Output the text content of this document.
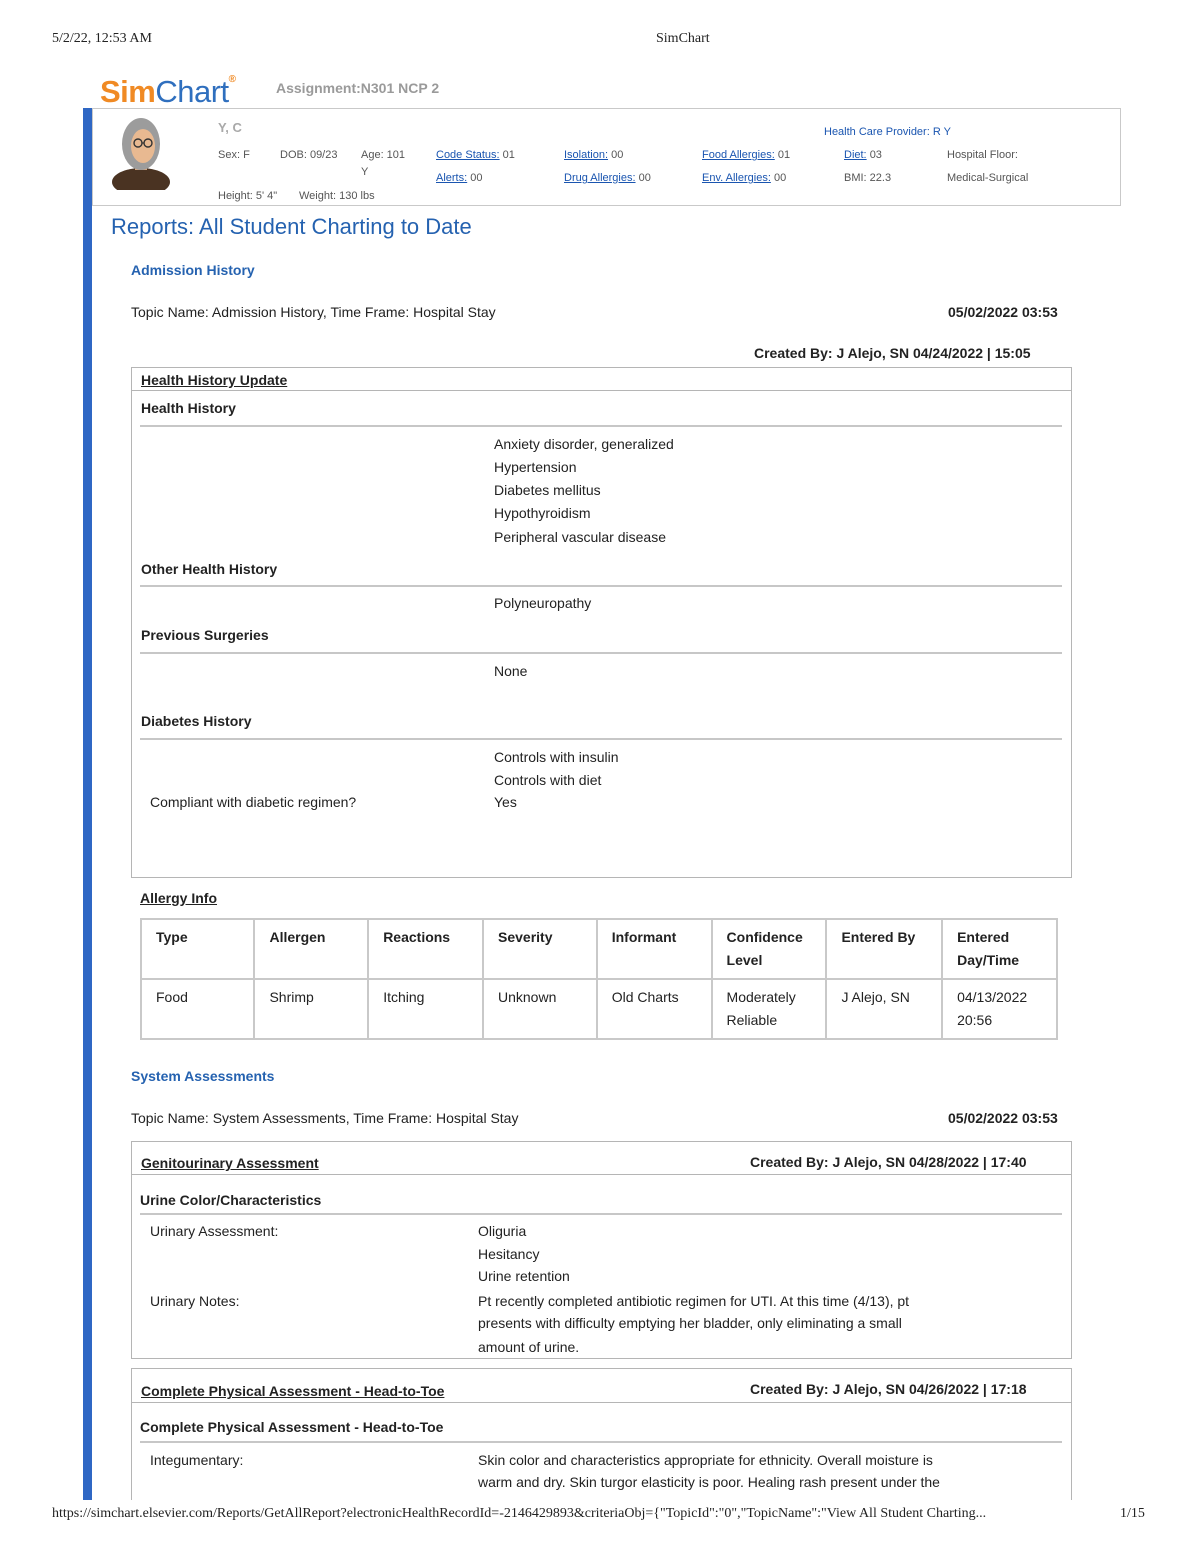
5/2/22, 12:53 AM	SimChart
SimChart®
Assignment:N301 NCP 2
Y, C	Health Care Provider: R Y
Sex: F	DOB: 09/23 Age: 101
Y
Height: 5' 4" Weight: 130 lbs
Code Status: 01
Alerts: 00
Isolation: 00
Drug Allergies: 00
Food Allergies: 01
Env. Allergies: 00
Diet: 03
BMI: 22.3
Hospital Floor:
Medical-Surgical
Reports: All Student Charting to Date
Admission History
Topic Name: Admission History, Time Frame: Hospital Stay	05/02/2022 03:53
Created By: J Alejo, SN 04/24/2022 | 15:05
Health History Update
Health History
Anxiety disorder, generalized
Hypertension
Diabetes mellitus
Hypothyroidism
Peripheral vascular disease
Other Health History
Polyneuropathy
Previous Surgeries
None
Diabetes History
Controls with insulin
Controls with diet
Compliant with diabetic regimen?	Yes
Allergy Info
Type	Allergen	Reactions	Severity	Informant	Confidence Level	Entered By	Entered Day/Time
Food	Shrimp	Itching	Unknown	Old Charts	Moderately Reliable	J Alejo, SN	04/13/2022 20:56
System Assessments
Topic Name: System Assessments, Time Frame: Hospital Stay	05/02/2022 03:53
Genitourinary Assessment	Created By: J Alejo, SN 04/28/2022 | 17:40
Urine Color/Characteristics
Urinary Assessment:	Oliguria
Hesitancy
Urine retention
Urinary Notes:	Pt recently completed antibiotic regimen for UTI. At this time (4/13), pt
presents with difficulty emptying her bladder, only eliminating a small
amount of urine.
Complete Physical Assessment - Head-to-Toe	Created By: J Alejo, SN 04/26/2022 | 17:18
Complete Physical Assessment - Head-to-Toe
Integumentary:	Skin color and characteristics appropriate for ethnicity. Overall moisture is
warm and dry. Skin turgor elasticity is poor. Healing rash present under the
https://simchart.elsevier.com/Reports/GetAllReport?electronicHealthRecordId=-2146429893&criteriaObj={"TopicId":"0","TopicName":"View All Student Charting...	1/15
